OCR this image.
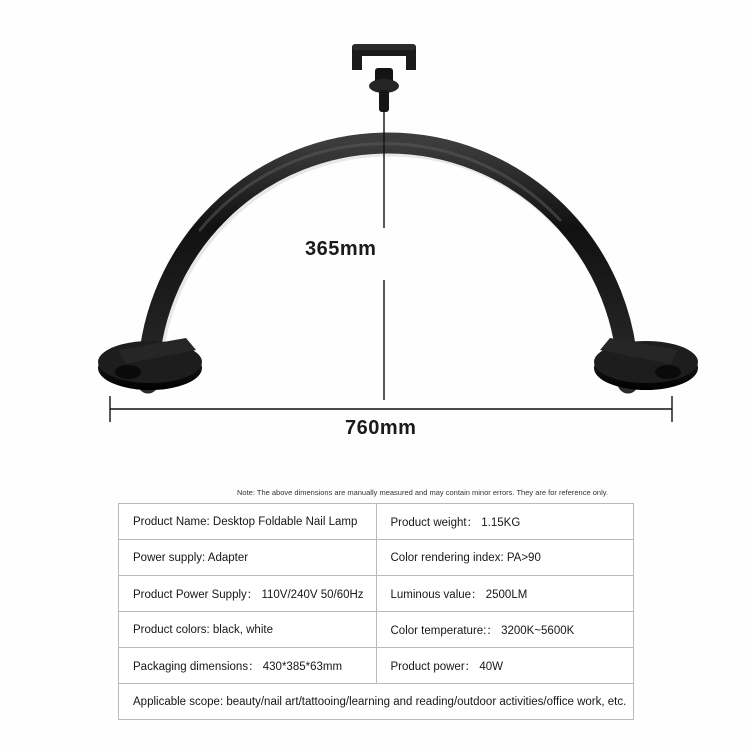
365mm
760mm
Note: The above dimensions are manually measured and may contain minor errors. They are for reference only.
Product Name: Desktop Foldable Nail Lamp	Product weight： 1.15KG
Power supply: Adapter	Color rendering index: PA>90
Product Power Supply： 110V/240V 50/60Hz	Luminous value： 2500LM
Product colors: black, white	Color temperature:： 3200K~5600K
Packaging dimensions： 430*385*63mm	Product power： 40W
Applicable scope: beauty/nail art/tattooing/learning and reading/outdoor activities/office work, etc.	
